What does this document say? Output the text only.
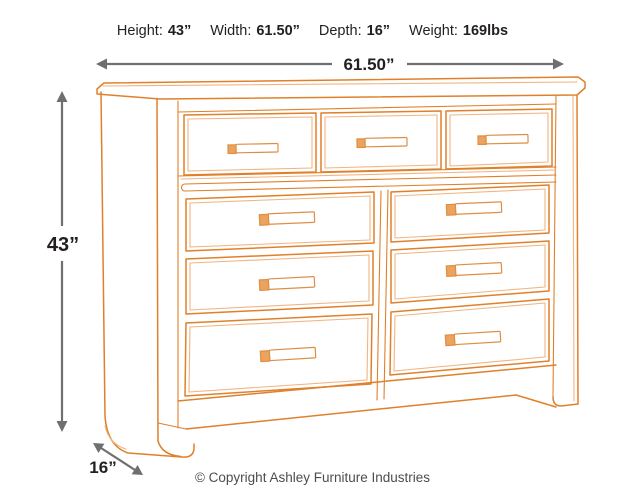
Height: 43” Width: 61.50” Depth: 16” Weight: 169lbs
61.50”
43”
16”
© Copyright Ashley Furniture Industries
